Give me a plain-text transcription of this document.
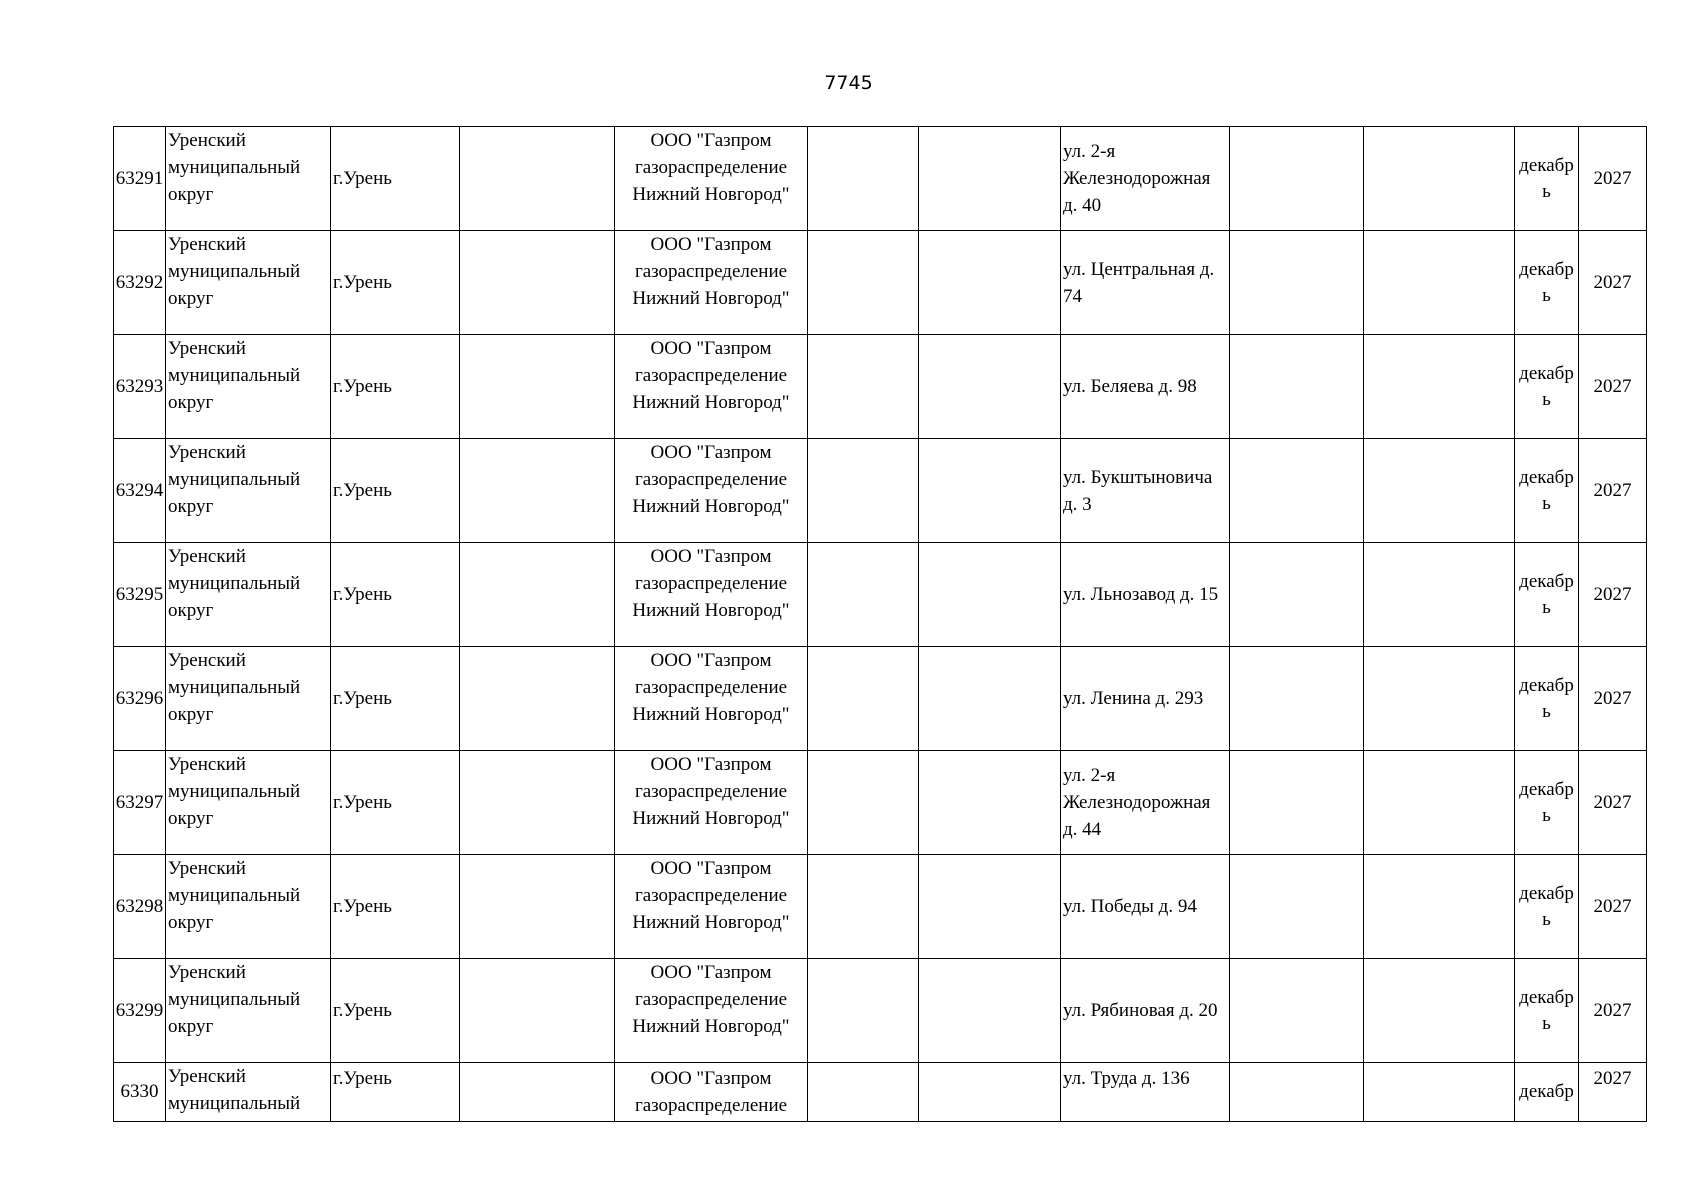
7745
63291	Уренский муниципальный округ	г.Урень		ООО "Газпром газораспределение Нижний Новгород"			ул. 2-я Железнодорожная д. 40			декабрь	2027
63292	Уренский муниципальный округ	г.Урень		ООО "Газпром газораспределение Нижний Новгород"			ул. Центральная д. 74			декабрь	2027
63293	Уренский муниципальный округ	г.Урень		ООО "Газпром газораспределение Нижний Новгород"			ул. Беляева д. 98			декабрь	2027
63294	Уренский муниципальный округ	г.Урень		ООО "Газпром газораспределение Нижний Новгород"			ул. Букштыновича д. 3			декабрь	2027
63295	Уренский муниципальный округ	г.Урень		ООО "Газпром газораспределение Нижний Новгород"			ул. Льнозавод д. 15			декабрь	2027
63296	Уренский муниципальный округ	г.Урень		ООО "Газпром газораспределение Нижний Новгород"			ул. Ленина д. 293			декабрь	2027
63297	Уренский муниципальный округ	г.Урень		ООО "Газпром газораспределение Нижний Новгород"			ул. 2-я Железнодорожная д. 44			декабрь	2027
63298	Уренский муниципальный округ	г.Урень		ООО "Газпром газораспределение Нижний Новгород"			ул. Победы д. 94			декабрь	2027
63299	Уренский муниципальный округ	г.Урень		ООО "Газпром газораспределение Нижний Новгород"			ул. Рябиновая д. 20			декабрь	2027
6330	Уренский муниципальный	г.Урень		ООО "Газпром газораспределение			ул. Труда д. 136			декабр	2027
